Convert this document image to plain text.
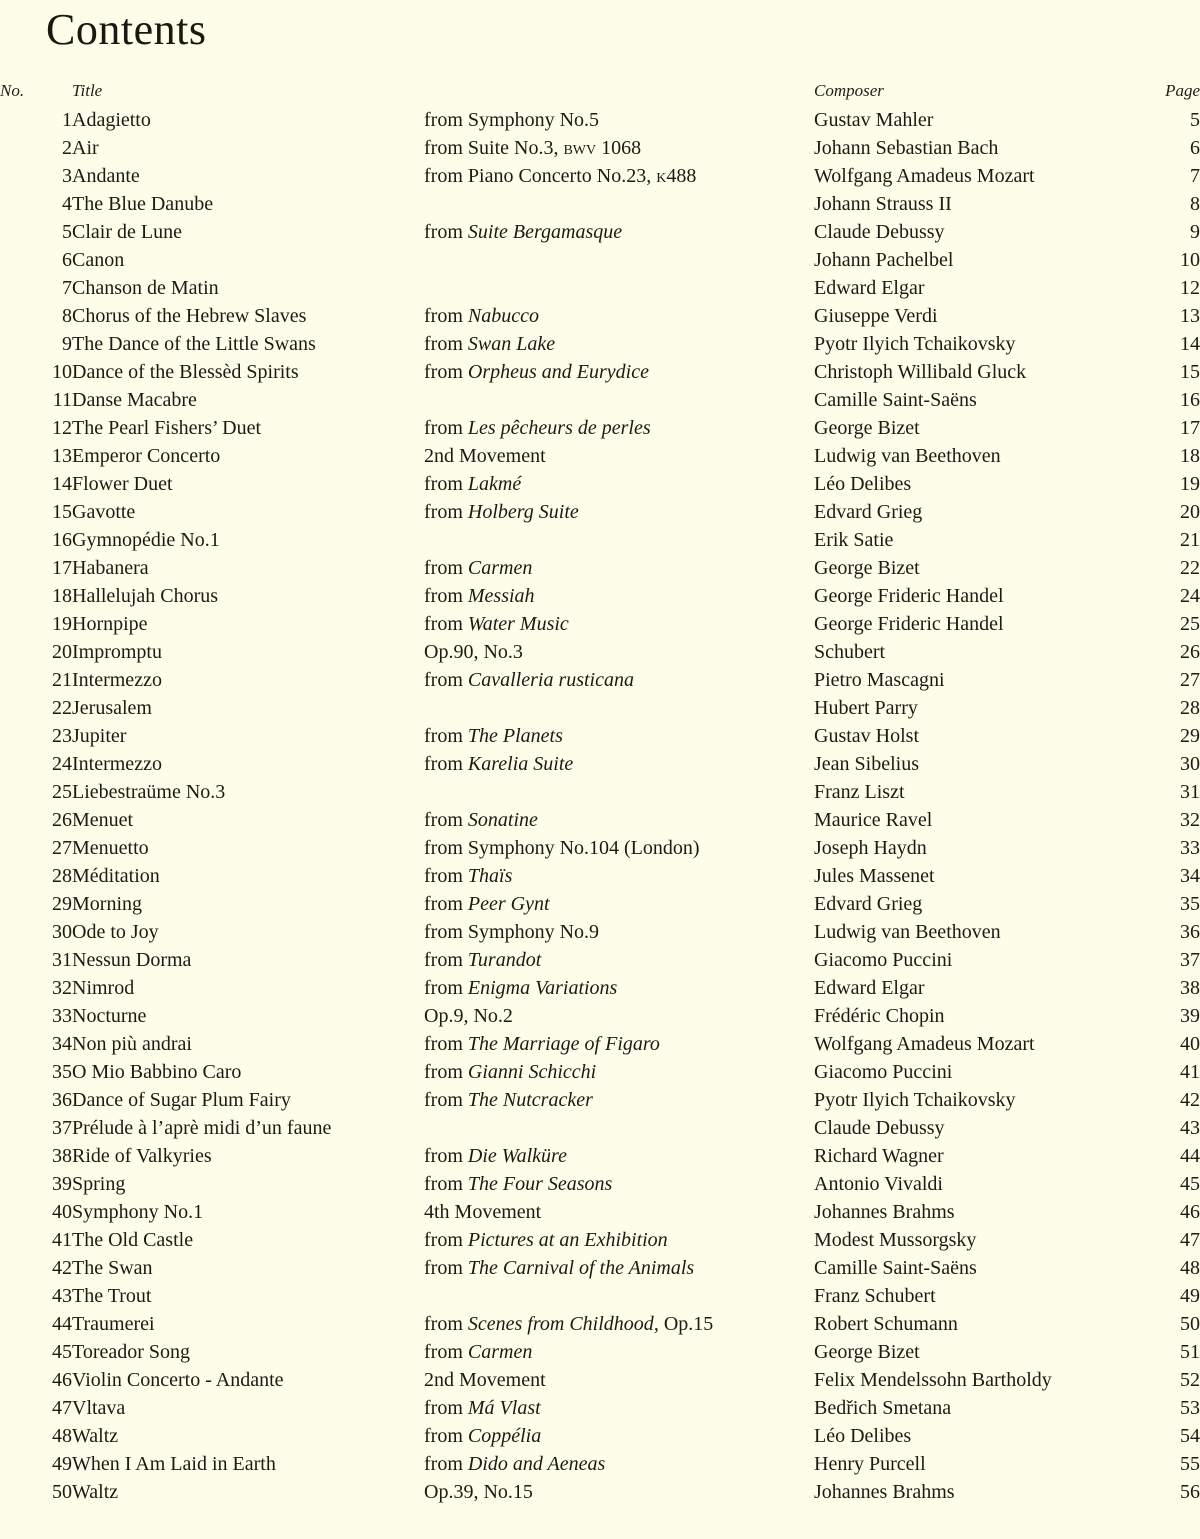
Contents
No.	Title		Composer	Page
1	Adagietto	from Symphony No.5	Gustav Mahler	5
2	Air	from Suite No.3, bwv 1068	Johann Sebastian Bach	6
3	Andante	from Piano Concerto No.23, k488	Wolfgang Amadeus Mozart	7
4	The Blue Danube		Johann Strauss II	8
5	Clair de Lune	from Suite Bergamasque	Claude Debussy	9
6	Canon		Johann Pachelbel	10
7	Chanson de Matin		Edward Elgar	12
8	Chorus of the Hebrew Slaves	from Nabucco	Giuseppe Verdi	13
9	The Dance of the Little Swans	from Swan Lake	Pyotr Ilyich Tchaikovsky	14
10	Dance of the Blessèd Spirits	from Orpheus and Eurydice	Christoph Willibald Gluck	15
11	Danse Macabre		Camille Saint-Saëns	16
12	The Pearl Fishers’ Duet	from Les pêcheurs de perles	George Bizet	17
13	Emperor Concerto	2nd Movement	Ludwig van Beethoven	18
14	Flower Duet	from Lakmé	Léo Delibes	19
15	Gavotte	from Holberg Suite	Edvard Grieg	20
16	Gymnopédie No.1		Erik Satie	21
17	Habanera	from Carmen	George Bizet	22
18	Hallelujah Chorus	from Messiah	George Frideric Handel	24
19	Hornpipe	from Water Music	George Frideric Handel	25
20	Impromptu	Op.90, No.3	Schubert	26
21	Intermezzo	from Cavalleria rusticana	Pietro Mascagni	27
22	Jerusalem		Hubert Parry	28
23	Jupiter	from The Planets	Gustav Holst	29
24	Intermezzo	from Karelia Suite	Jean Sibelius	30
25	Liebestraüme No.3		Franz Liszt	31
26	Menuet	from Sonatine	Maurice Ravel	32
27	Menuetto	from Symphony No.104 (London)	Joseph Haydn	33
28	Méditation	from Thaïs	Jules Massenet	34
29	Morning	from Peer Gynt	Edvard Grieg	35
30	Ode to Joy	from Symphony No.9	Ludwig van Beethoven	36
31	Nessun Dorma	from Turandot	Giacomo Puccini	37
32	Nimrod	from Enigma Variations	Edward Elgar	38
33	Nocturne	Op.9, No.2	Frédéric Chopin	39
34	Non più andrai	from The Marriage of Figaro	Wolfgang Amadeus Mozart	40
35	O Mio Babbino Caro	from Gianni Schicchi	Giacomo Puccini	41
36	Dance of Sugar Plum Fairy	from The Nutcracker	Pyotr Ilyich Tchaikovsky	42
37	Prélude à l’aprè midi d’un faune		Claude Debussy	43
38	Ride of Valkyries	from Die Walküre	Richard Wagner	44
39	Spring	from The Four Seasons	Antonio Vivaldi	45
40	Symphony No.1	4th Movement	Johannes Brahms	46
41	The Old Castle	from Pictures at an Exhibition	Modest Mussorgsky	47
42	The Swan	from The Carnival of the Animals	Camille Saint-Saëns	48
43	The Trout		Franz Schubert	49
44	Traumerei	from Scenes from Childhood, Op.15	Robert Schumann	50
45	Toreador Song	from Carmen	George Bizet	51
46	Violin Concerto - Andante	2nd Movement	Felix Mendelssohn Bartholdy	52
47	Vltava	from Má Vlast	Bedřich Smetana	53
48	Waltz	from Coppélia	Léo Delibes	54
49	When I Am Laid in Earth	from Dido and Aeneas	Henry Purcell	55
50	Waltz	Op.39, No.15	Johannes Brahms	56
